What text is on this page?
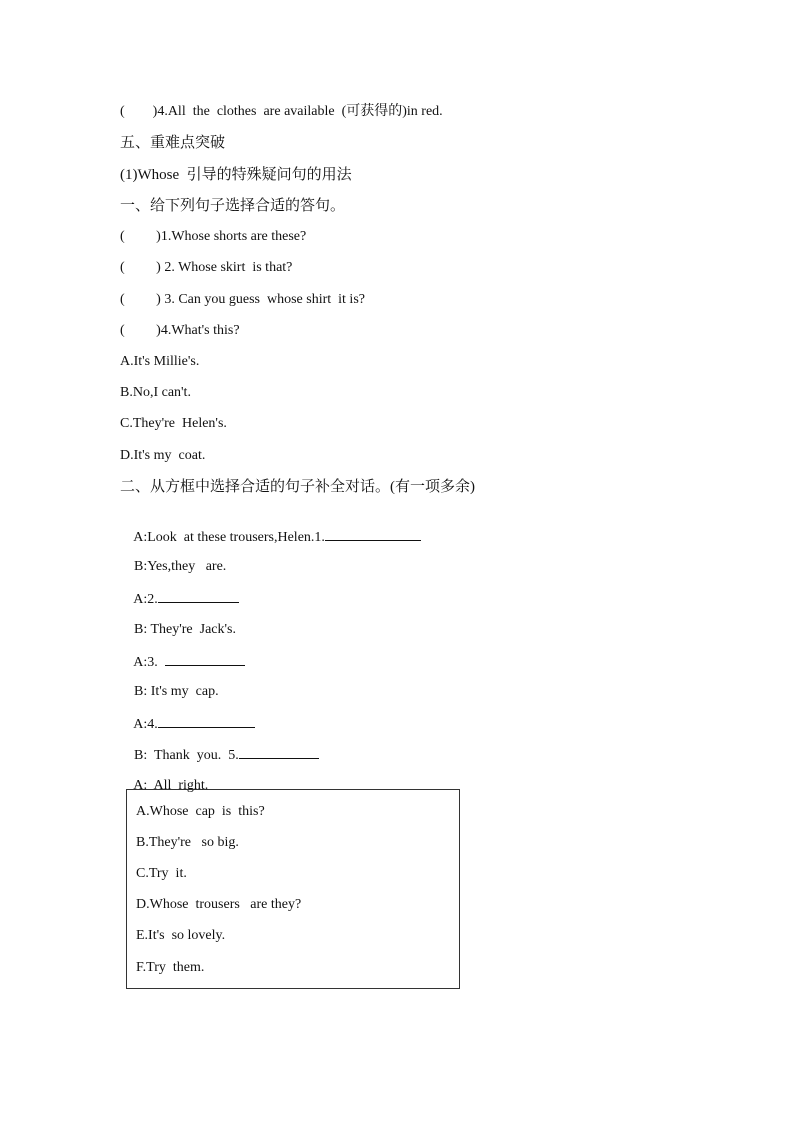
(        )4.All  the  clothes  are available  (可获得的)in red.
五、重难点突破
(1)Whose  引导的特殊疑问句的用法
一、给下列句子选择合适的答句。
(         )1.Whose shorts are these?
(         ) 2. Whose skirt  is that?
(         ) 3. Can you guess  whose shirt  it is?
(         )4.What's this?
A.It's Millie's.
B.No,I can't.
C.They're  Helen's.
D.It's my  coat.
二、从方框中选择合适的句子补全对话。(有一项多余)

A:Look  at these trousers,Helen.1.

B:Yes,they   are.

A:2.

B: They're  Jack's.

A:3.

B: It's my  cap.

A:4.

B:  Thank  you.  5.

A:  All  right.

A.Whose  cap  is  this?
B.They're   so big.
C.Try  it.
D.Whose  trousers   are they?
E.It's  so lovely.
F.Try  them.
